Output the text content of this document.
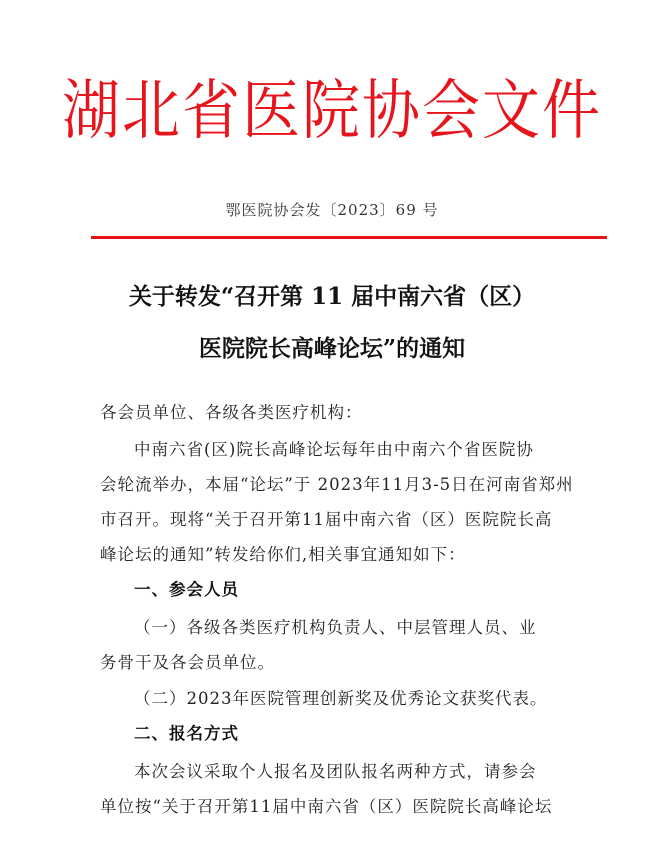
湖北省医院协会文件
鄂医院协会发〔2023〕69 号
关于转发“召开第 11 届中南六省（区）
医院院长高峰论坛”的通知
各会员单位、各级各类医疗机构：
中南六省(区)院长高峰论坛每年由中南六个省医院协
会轮流举办，本届“论坛”于 2023年11月3-5日在河南省郑州
市召开。现将“关于召开第11届中南六省（区）医院院长高
峰论坛的通知”转发给你们,相关事宜通知如下：
一、参会人员
（一）各级各类医疗机构负责人、中层管理人员、业
务骨干及各会员单位。
（二）2023年医院管理创新奖及优秀论文获奖代表。
二、报名方式
本次会议采取个人报名及团队报名两种方式，请参会
单位按“关于召开第11届中南六省（区）医院院长高峰论坛
